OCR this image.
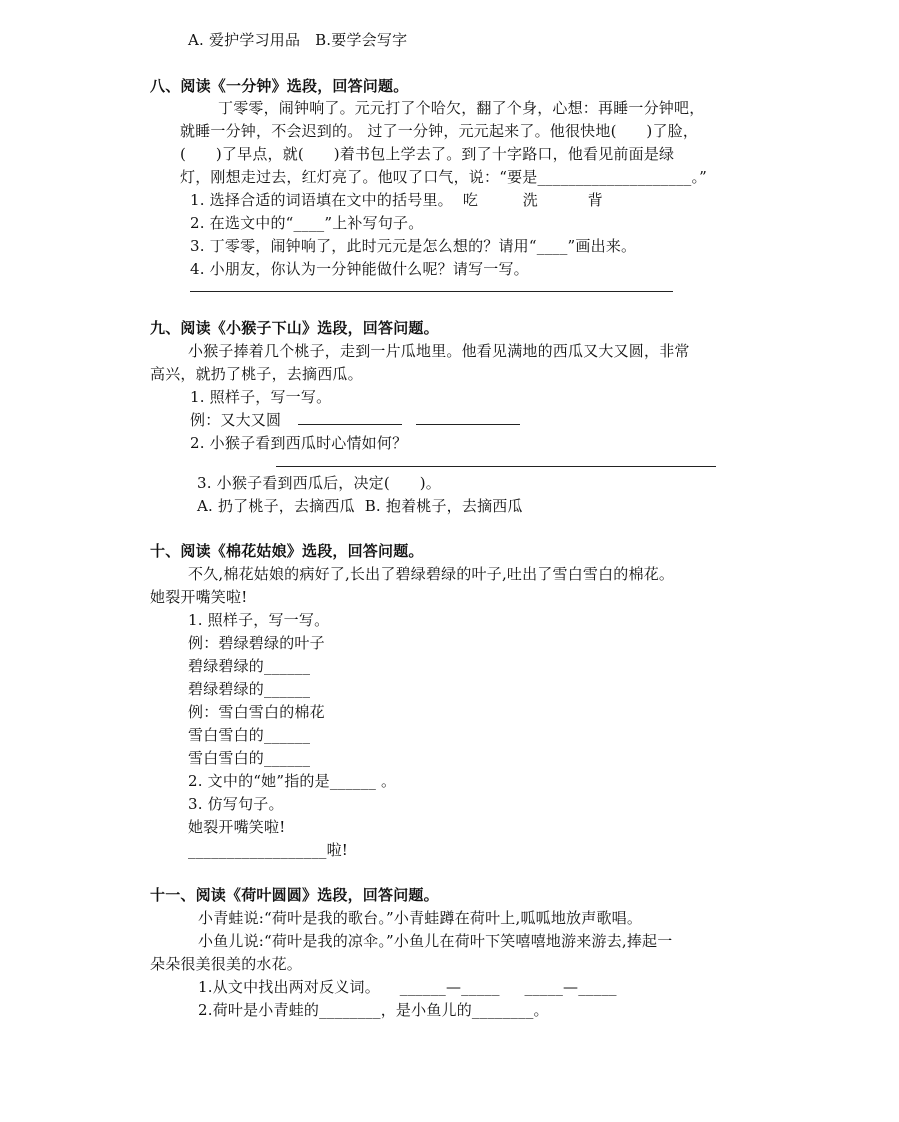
A. 爱护学习用品   B.要学会写字
八、阅读《一分钟》选段，回答问题。
丁零零，闹钟响了。元元打了个哈欠，翻了个身，心想：再睡一分钟吧，
就睡一分钟，不会迟到的。 过了一分钟，元元起来了。他很快地(      )了脸，
(      )了早点，就(      )着书包上学去了。到了十字路口，他看见前面是绿
灯，刚想走过去，红灯亮了。他叹了口气，说：“要是____________________。”
1. 选择合适的词语填在文中的括号里。  吃         洗          背
2. 在选文中的“____”上补写句子。
3. 丁零零，闹钟响了，此时元元是怎么想的？请用“____”画出来。
4. 小朋友，你认为一分钟能做什么呢？请写一写。
九、阅读《小猴子下山》选段，回答问题。
小猴子捧着几个桃子，走到一片瓜地里。他看见满地的西瓜又大又圆，非常
高兴，就扔了桃子，去摘西瓜。
1. 照样子，写一写。
例：又大又圆
2. 小猴子看到西瓜时心情如何？
3. 小猴子看到西瓜后，决定(      )。
A. 扔了桃子，去摘西瓜  B. 抱着桃子，去摘西瓜
十、阅读《棉花姑娘》选段，回答问题。
不久,棉花姑娘的病好了,长出了碧绿碧绿的叶子,吐出了雪白雪白的棉花。
她裂开嘴笑啦!
1. 照样子，写一写。
例：碧绿碧绿的叶子
碧绿碧绿的______
碧绿碧绿的______
例：雪白雪白的棉花
雪白雪白的______
雪白雪白的______
2. 文中的“她”指的是______ 。
3. 仿写句子。
她裂开嘴笑啦!
__________________啦!
十一、阅读《荷叶圆圆》选段，回答问题。
小青蛙说:“荷叶是我的歌台。”小青蛙蹲在荷叶上,呱呱地放声歌唱。
小鱼儿说:“荷叶是我的凉伞。”小鱼儿在荷叶下笑嘻嘻地游来游去,捧起一
朵朵很美很美的水花。
1.从文中找出两对反义词。    ______—_____     _____—_____
2.荷叶是小青蛙的________，是小鱼儿的________。
